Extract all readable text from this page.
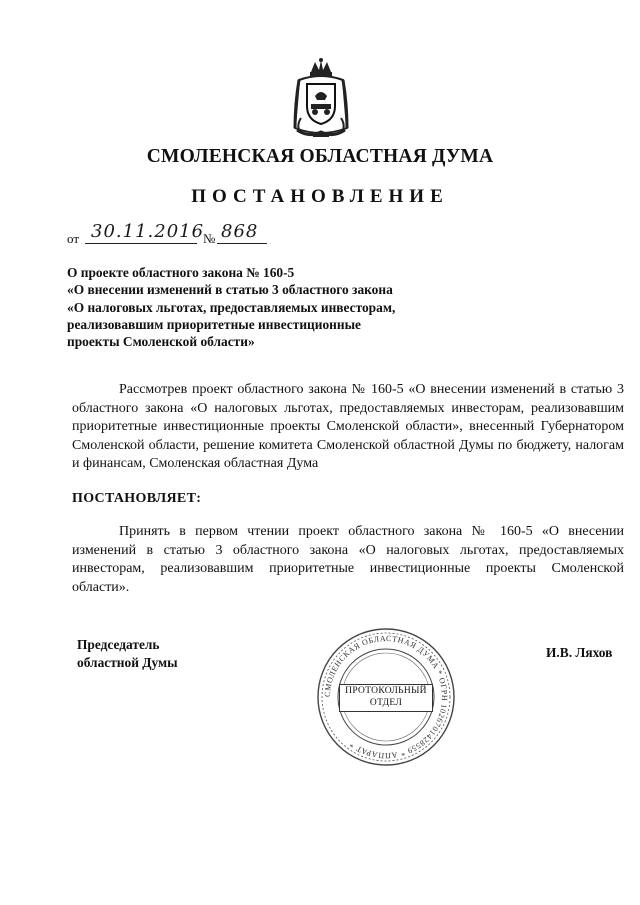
СМОЛЕНСКАЯ ОБЛАСТНАЯ ДУМА
ПОСТАНОВЛЕНИЕ
от 30.11.2016
№ 868
О проекте областного закона № 160-5
«О внесении изменений в статью 3 областного закона
«О налоговых льготах, предоставляемых инвесторам,
реализовавшим приоритетные инвестиционные
проекты Смоленской области»
Рассмотрев проект областного закона № 160-5 «О внесении изменений в статью 3 областного закона «О налоговых льготах, предоставляемых инвесторам, реализовавшим приоритетные инвестиционные проекты Смоленской области», внесенный Губернатором Смоленской области, решение комитета Смоленской областной Думы по бюджету, налогам и финансам, Смоленская областная Дума
ПОСТАНОВЛЯЕТ:
Принять в первом чтении проект областного закона № 160-5 «О внесении изменений в статью 3 областного закона «О налоговых льготах, предоставляемых инвесторам, реализовавшим приоритетные инвестиционные проекты Смоленской области».
Председатель
областной Думы
СМОЛЕНСКАЯ ОБЛАСТНАЯ ДУМА * ОГРН 1026701428559 * АППАРАТ *
ПРОТОКОЛЬНЫЙ
ОТДЕЛ
И.В. Ляхов
